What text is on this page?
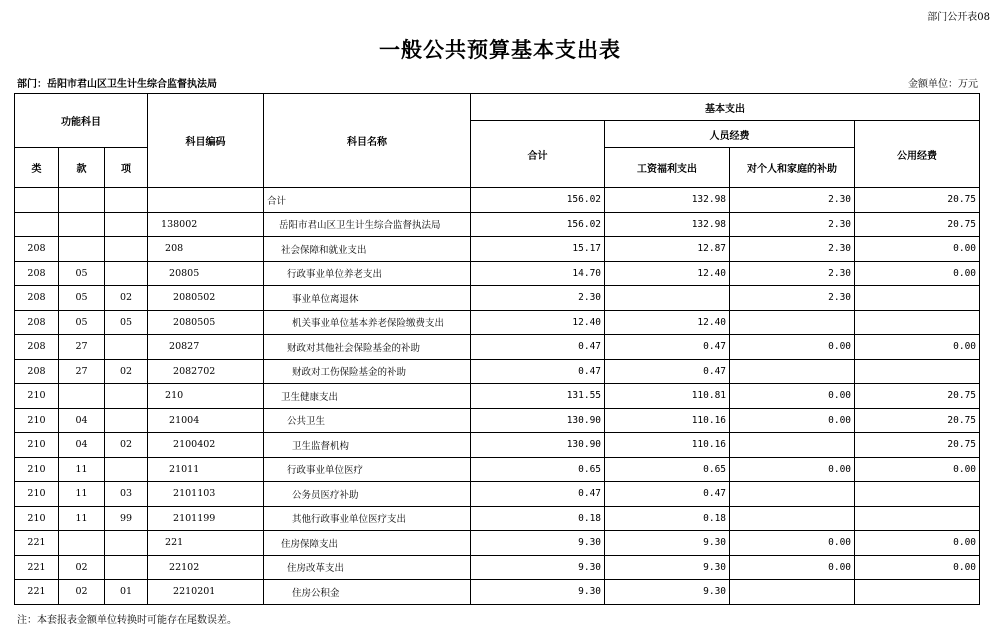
部门公开表08
一般公共预算基本支出表
部门：岳阳市君山区卫生计生综合监督执法局	金额单位：万元
功能科目			科目编码	科目名称	基本支出			
					合计	人员经费		公用经费
类	款	项				工资福利支出	对个人和家庭的补助	
				合计	156.02	132.98	2.30	20.75
			138002	岳阳市君山区卫生计生综合监督执法局	156.02	132.98	2.30	20.75
208			208	社会保障和就业支出	15.17	12.87	2.30	0.00
208	05		20805	行政事业单位养老支出	14.70	12.40	2.30	0.00
208	05	02	2080502	事业单位离退休	2.30		2.30	
208	05	05	2080505	机关事业单位基本养老保险缴费支出	12.40	12.40		
208	27		20827	财政对其他社会保险基金的补助	0.47	0.47	0.00	0.00
208	27	02	2082702	财政对工伤保险基金的补助	0.47	0.47		
210			210	卫生健康支出	131.55	110.81	0.00	20.75
210	04		21004	公共卫生	130.90	110.16	0.00	20.75
210	04	02	2100402	卫生监督机构	130.90	110.16		20.75
210	11		21011	行政事业单位医疗	0.65	0.65	0.00	0.00
210	11	03	2101103	公务员医疗补助	0.47	0.47		
210	11	99	2101199	其他行政事业单位医疗支出	0.18	0.18		
221			221	住房保障支出	9.30	9.30	0.00	0.00
221	02		22102	住房改革支出	9.30	9.30	0.00	0.00
221	02	01	2210201	住房公积金	9.30	9.30		
注：本套报表金额单位转换时可能存在尾数误差。
